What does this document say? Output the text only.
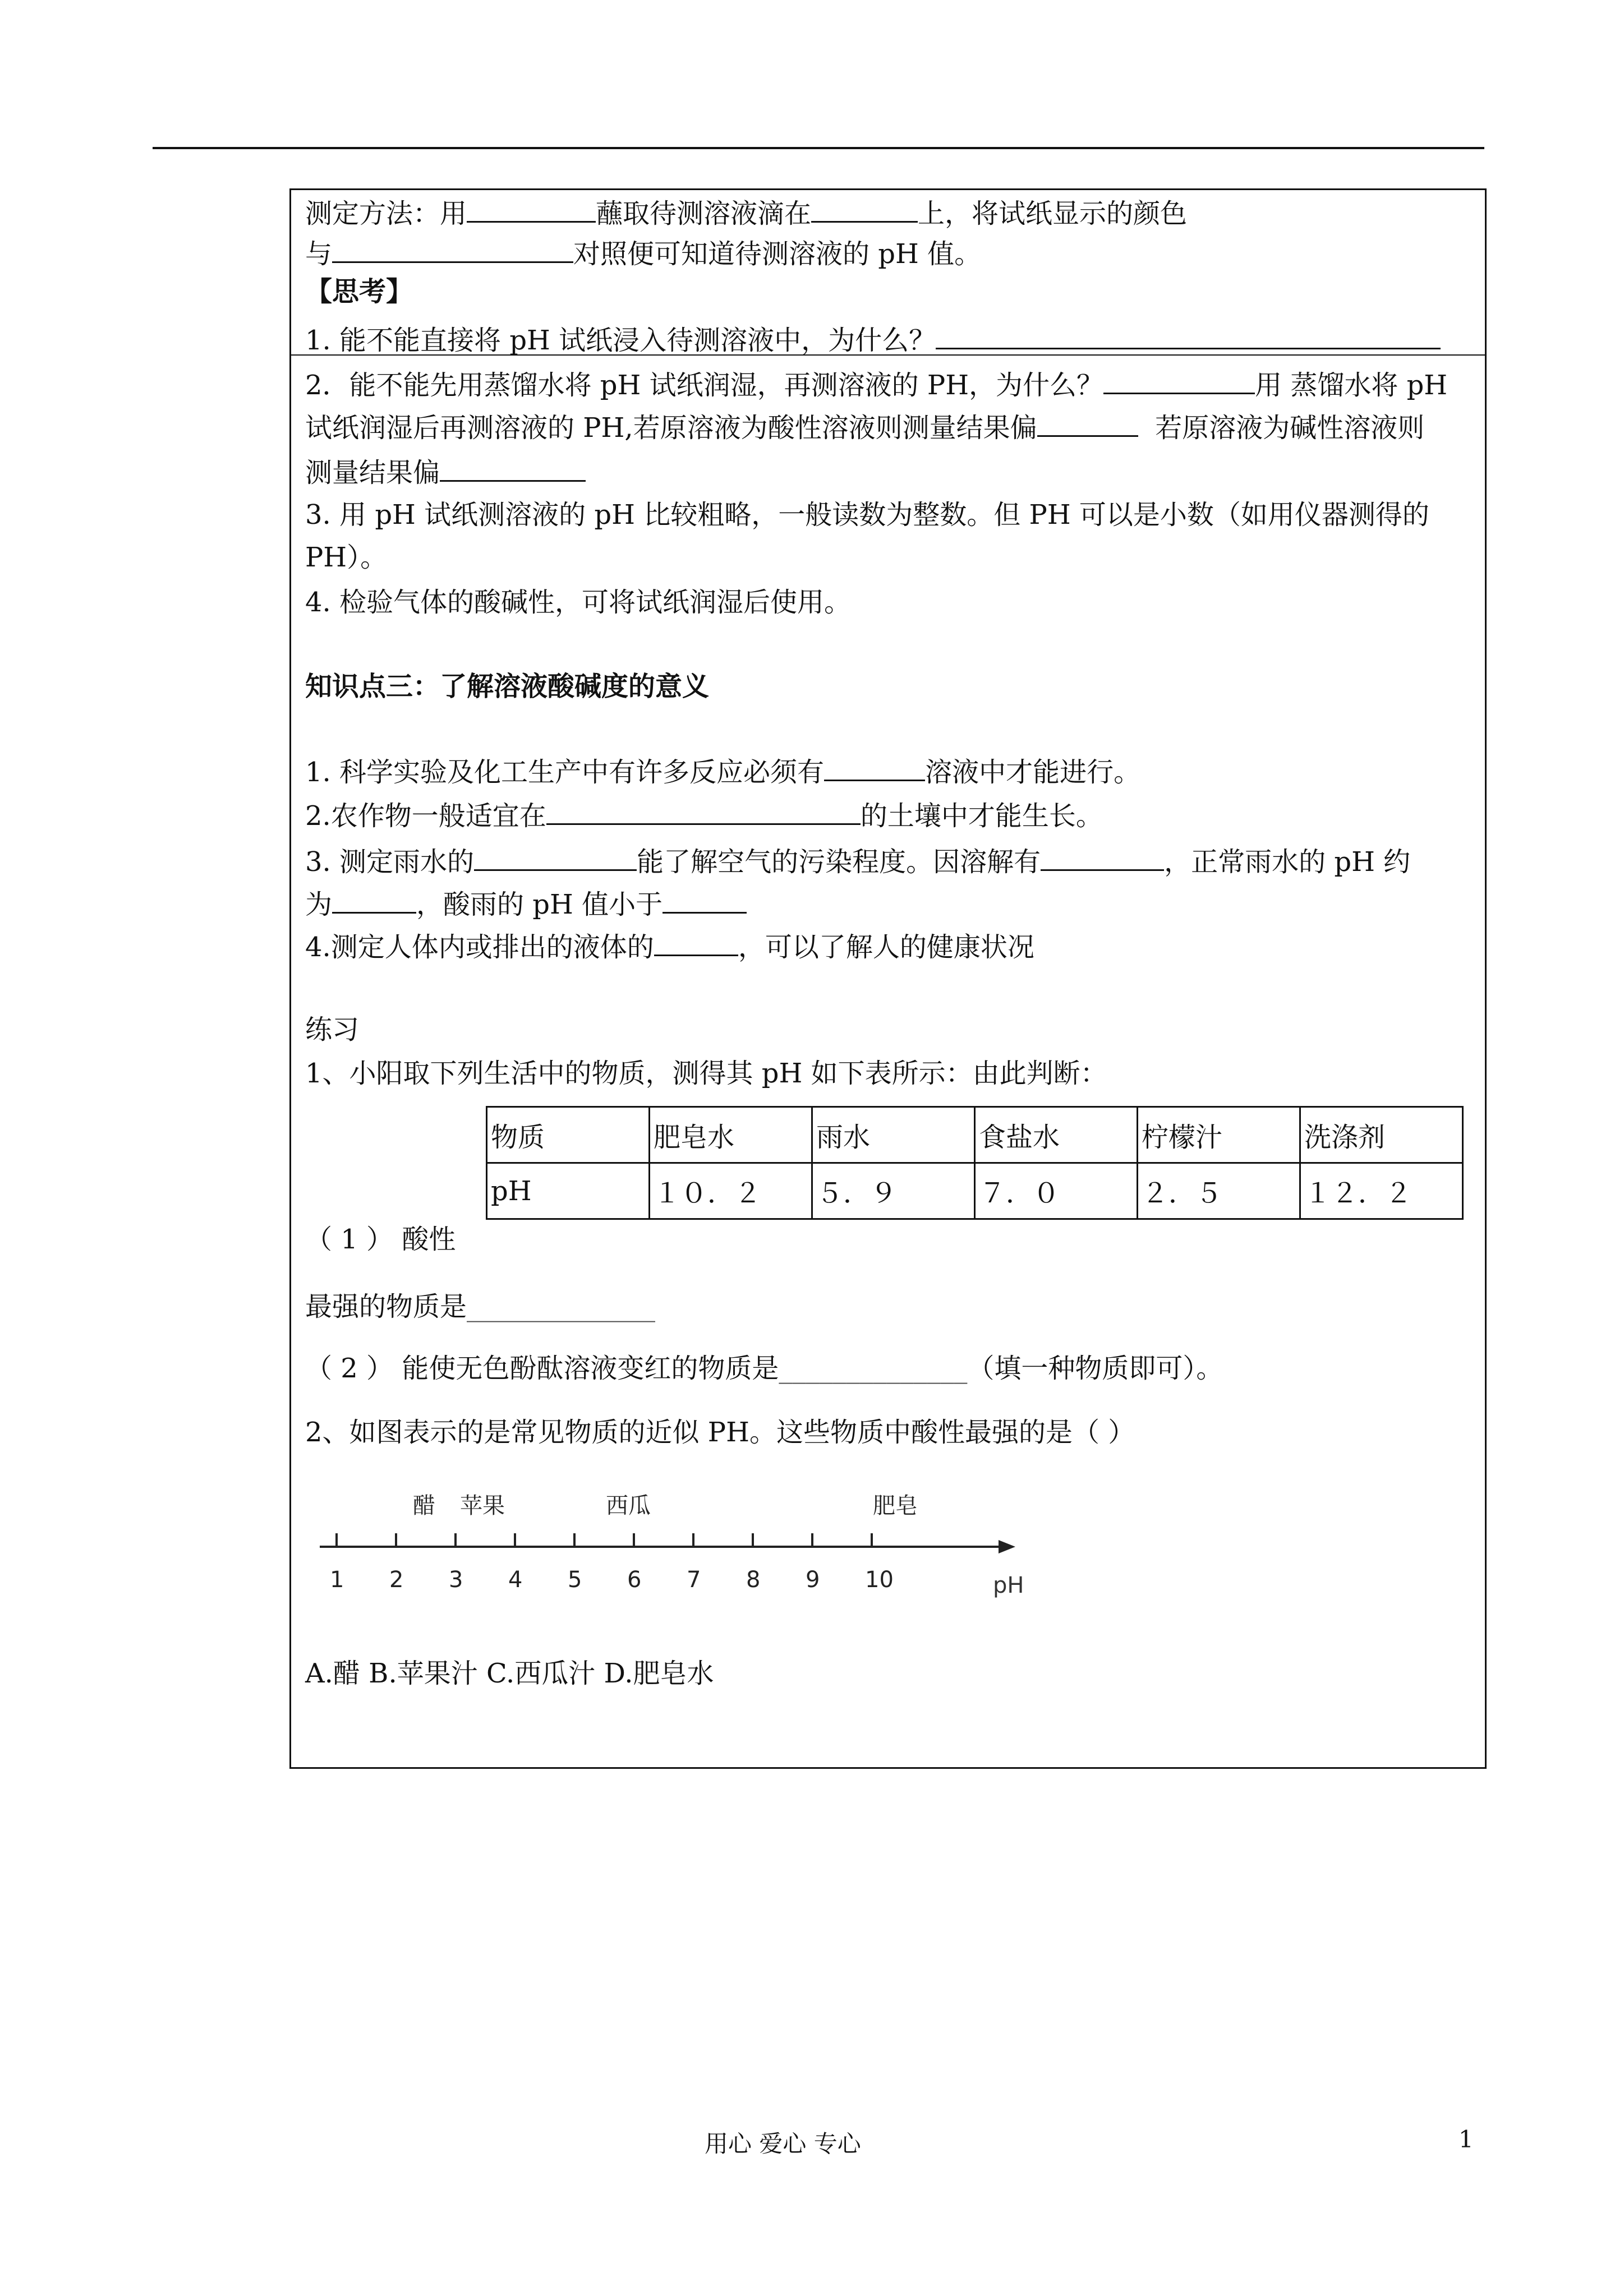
测定方法：用	蘸取待测溶液滴在	上，将试纸显示的颜色
与	对照便可知道待测溶液的 pH 值。
【思考】
1. 能不能直接将 pH 试纸浸入待测溶液中，为什么？
2．能不能先用蒸馏水将 pH 试纸润湿，再测溶液的 PH，为什么？	用 蒸馏水将 pH
试纸润湿后再测溶液的 PH,若原溶液为酸性溶液则测量结果偏	若原溶液为碱性溶液则
测量结果偏
3. 用 pH 试纸测溶液的 pH 比较粗略，一般读数为整数。但 PH 可以是小数（如用仪器测得的
PH）。
4. 检验气体的酸碱性，可将试纸润湿后使用。
知识点三：了解溶液酸碱度的意义
1. 科学实验及化工生产中有许多反应必须有	溶液中才能进行。
2.农作物一般适宜在	的土壤中才能生长。
3. 测定雨水的	能了解空气的污染程度。因溶解有	，正常雨水的 pH 约
为	，酸雨的 pH 值小于
4.测定人体内或排出的液体的	，可以了解人的健康状况
练习
1、小阳取下列生活中的物质，测得其 pH 如下表所示：由此判断：
物质	肥皂水	雨水	食盐水	柠檬汁	洗涤剂
pH	１０．２	５．９	７．０	２．５	１２．２
（ 1 ） 酸性
最强的物质是______________
（ 2 ） 能使无色酚酞溶液变红的物质是______________（填一种物质即可）。
2、如图表示的是常见物质的近似 PH。这些物质中酸性最强的是（ ）
1 2 3 4 5 6 7 8 9 10
醋 苹果	西瓜	肥皂
pH
A.醋 B.苹果汁 C.西瓜汁 D.肥皂水
用心 爱心 专心	1
